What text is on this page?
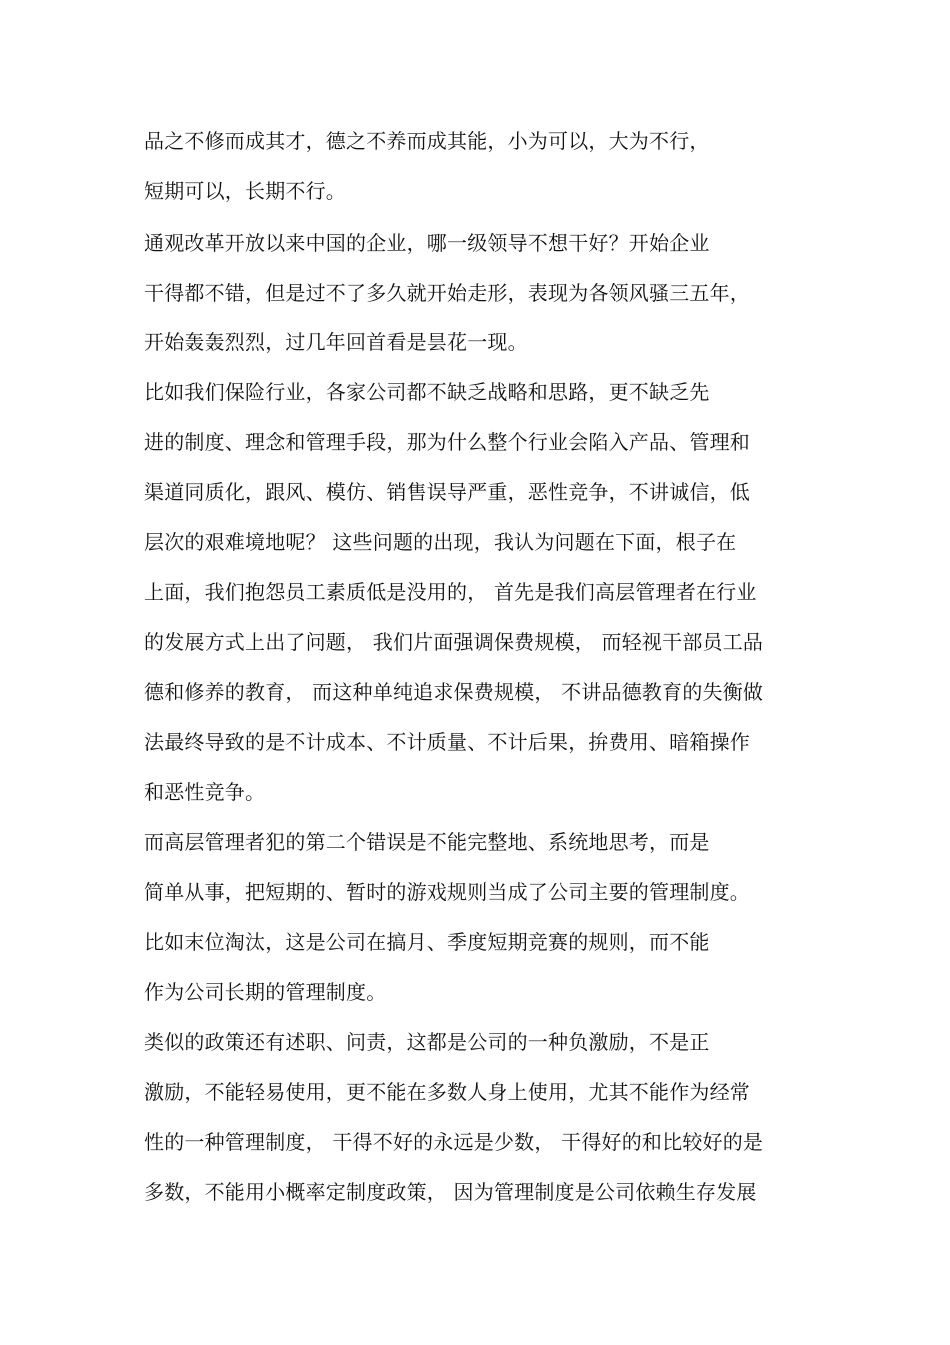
品之不修而成其才，德之不养而成其能，小为可以，大为不行，
短期可以，长期不行。
通观改革开放以来中国的企业，哪一级领导不想干好？开始企业
干得都不错，但是过不了多久就开始走形，表现为各领风骚三五年，
开始轰轰烈烈，过几年回首看是昙花一现。
比如我们保险行业，各家公司都不缺乏战略和思路，更不缺乏先
进的制度、理念和管理手段，那为什么整个行业会陷入产品、管理和
渠道同质化，跟风、模仿、销售误导严重，恶性竞争，不讲诚信，低
层次的艰难境地呢？ 这些问题的出现，我认为问题在下面，根子在
上面，我们抱怨员工素质低是没用的， 首先是我们高层管理者在行业
的发展方式上出了问题， 我们片面强调保费规模， 而轻视干部员工品
德和修养的教育， 而这种单纯追求保费规模， 不讲品德教育的失衡做
法最终导致的是不计成本、不计质量、不计后果，拚费用、暗箱操作
和恶性竞争。
而高层管理者犯的第二个错误是不能完整地、系统地思考，而是
简单从事，把短期的、暂时的游戏规则当成了公司主要的管理制度。
比如末位淘汰，这是公司在搞月、季度短期竞赛的规则，而不能
作为公司长期的管理制度。
类似的政策还有述职、问责，这都是公司的一种负激励，不是正
激励，不能轻易使用，更不能在多数人身上使用，尤其不能作为经常
性的一种管理制度， 干得不好的永远是少数， 干得好的和比较好的是
多数，不能用小概率定制度政策， 因为管理制度是公司依赖生存发展
